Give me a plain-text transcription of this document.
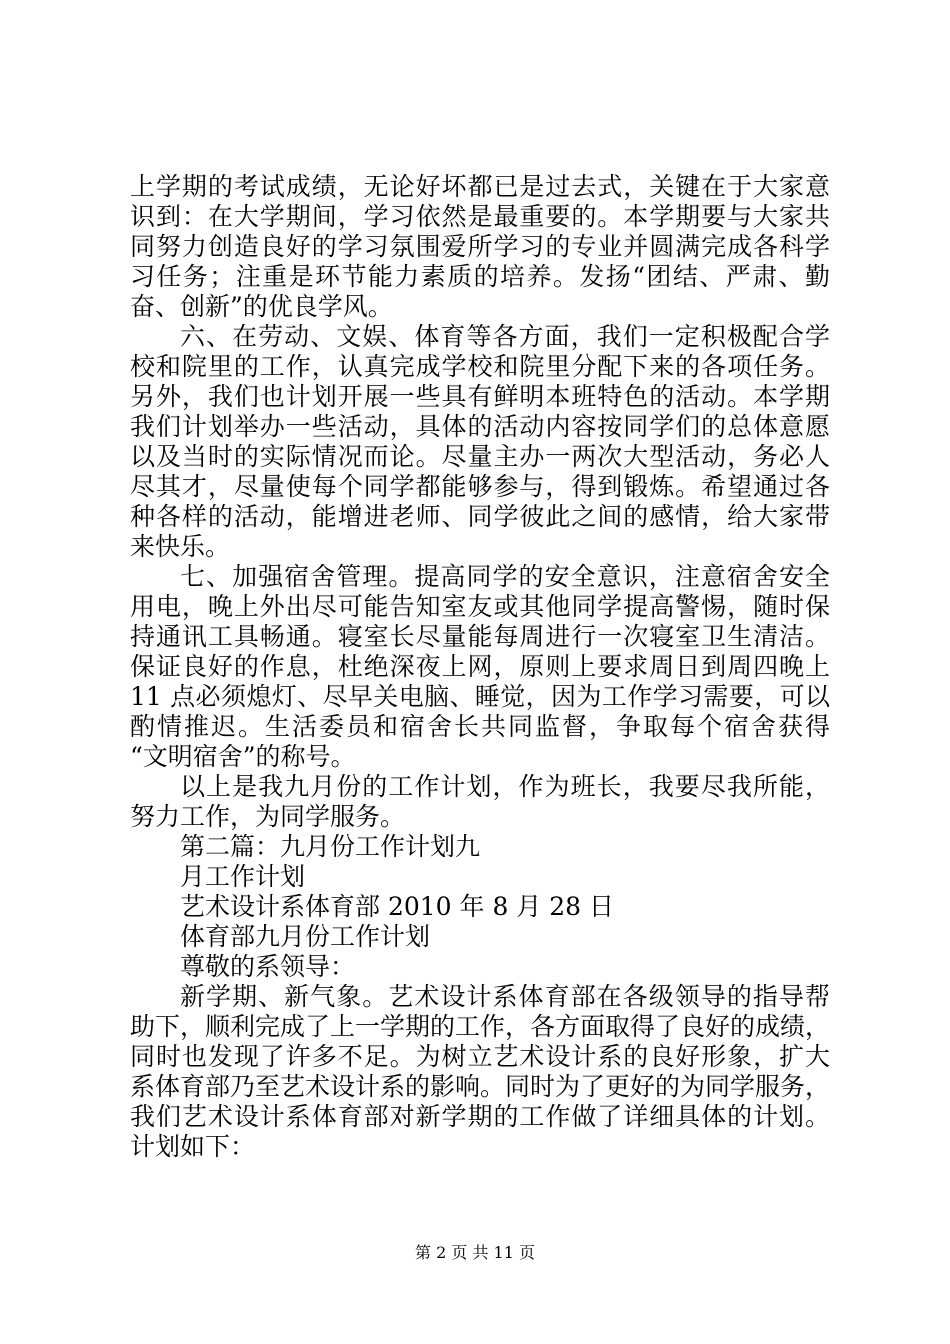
上学期的考试成绩，无论好坏都已是过去式，关键在于大家意
识到：在大学期间，学习依然是最重要的。本学期要与大家共
同努力创造良好的学习氛围爱所学习的专业并圆满完成各科学
习任务；注重是环节能力素质的培养。发扬“团结、严肃、勤
奋、创新”的优良学风。
六、在劳动、文娱、体育等各方面，我们一定积极配合学
校和院里的工作，认真完成学校和院里分配下来的各项任务。
另外，我们也计划开展一些具有鲜明本班特色的活动。本学期
我们计划举办一些活动，具体的活动内容按同学们的总体意愿
以及当时的实际情况而论。尽量主办一两次大型活动，务必人
尽其才，尽量使每个同学都能够参与，得到锻炼。希望通过各
种各样的活动，能增进老师、同学彼此之间的感情，给大家带
来快乐。
七、加强宿舍管理。提高同学的安全意识，注意宿舍安全
用电，晚上外出尽可能告知室友或其他同学提高警惕，随时保
持通讯工具畅通。寝室长尽量能每周进行一次寝室卫生清洁。
保证良好的作息，杜绝深夜上网，原则上要求周日到周四晚上
11 点必须熄灯、尽早关电脑、睡觉，因为工作学习需要，可以
酌情推迟。生活委员和宿舍长共同监督，争取每个宿舍获得
“文明宿舍”的称号。
以上是我九月份的工作计划，作为班长，我要尽我所能，
努力工作，为同学服务。
第二篇：九月份工作计划九
月工作计划
艺术设计系体育部 2010 年 8 月 28 日
体育部九月份工作计划
尊敬的系领导：
新学期、新气象。艺术设计系体育部在各级领导的指导帮
助下，顺利完成了上一学期的工作，各方面取得了良好的成绩，
同时也发现了许多不足。为树立艺术设计系的良好形象，扩大
系体育部乃至艺术设计系的影响。同时为了更好的为同学服务，
我们艺术设计系体育部对新学期的工作做了详细具体的计划。
计划如下：
第 2 页 共 11 页
